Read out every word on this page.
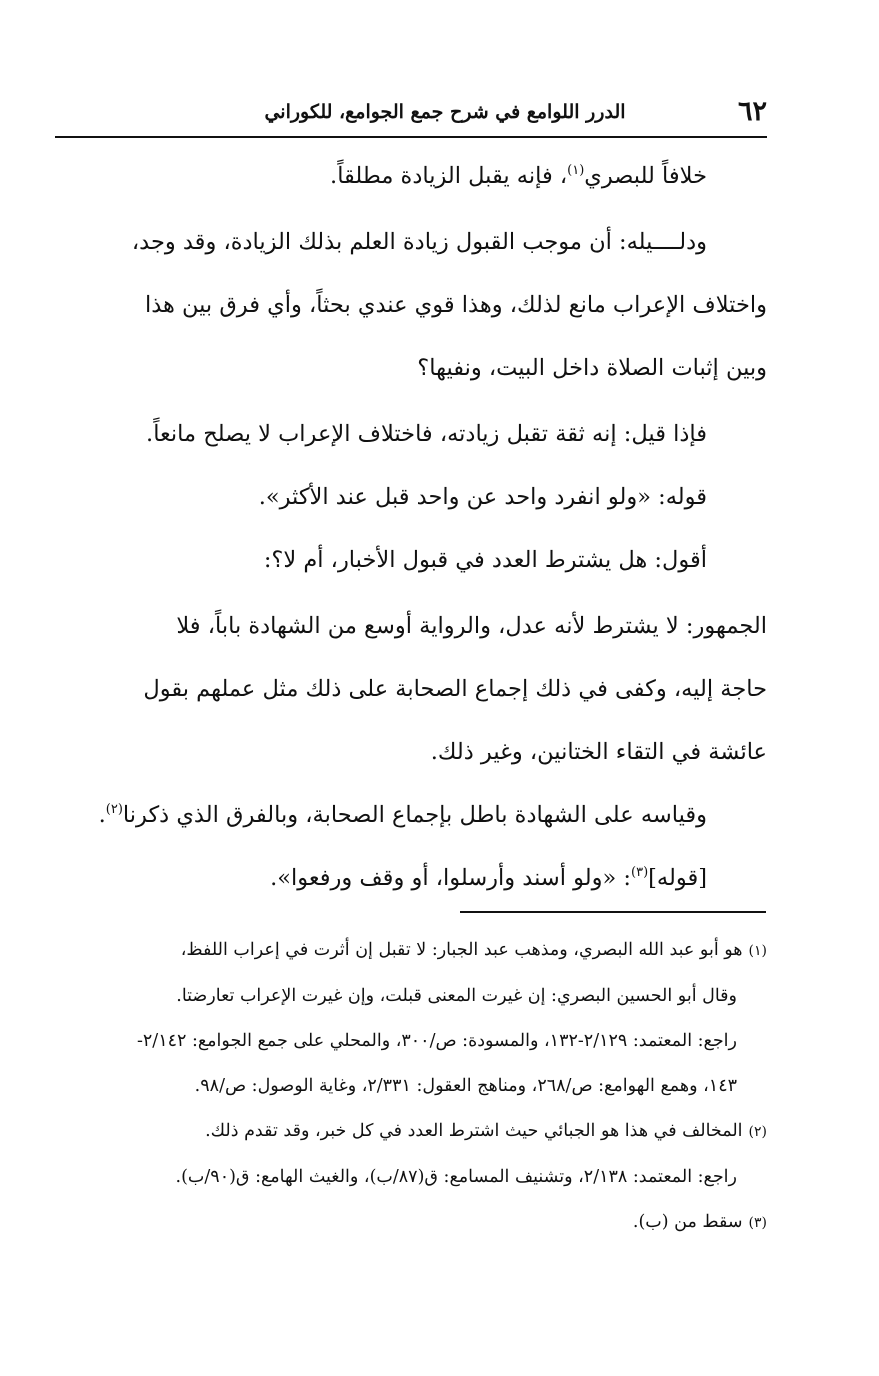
٦٢
الدرر اللوامع في شرح جمع الجوامع، للكوراني

خلافاً للبصري$^{(١)}$، فإنه يقبل الزيادة مطلقاً.

ودلــــيله: أن موجب القبول زيادة العلم بذلك الزيادة، وقد وجد،

واختلاف الإعراب مانع لذلك، وهذا قوي عندي بحثاً، وأي فرق بين هذا

وبين إثبات الصلاة داخل البيت، ونفيها؟

فإذا قيل: إنه ثقة تقبل زيادته، فاختلاف الإعراب لا يصلح مانعاً.

قوله: «ولو انفرد واحد عن واحد قبل عند الأكثر».

أقول: هل يشترط العدد في قبول الأخبار، أم لا؟:

الجمهور: لا يشترط لأنه عدل، والرواية أوسع من الشهادة باباً، فلا

حاجة إليه، وكفى في ذلك إجماع الصحابة على ذلك مثل عملهم بقول

عائشة في التقاء الختانين، وغير ذلك.

وقياسه على الشهادة باطل بإجماع الصحابة، وبالفرق الذي ذكرنا$^{(٢)}$.

[قوله]$^{(٣)}$: «ولو أسند وأرسلوا، أو وقف ورفعوا».

(١)هو أبو عبد الله البصري، ومذهب عبد الجبار: لا تقبل إن أثرت في إعراب اللفظ،

وقال أبو الحسين البصري: إن غيرت المعنى قبلت، وإن غيرت الإعراب تعارضتا.

راجع: المعتمد: ٢/١٢٩-١٣٢، والمسودة: ص/٣٠٠، والمحلي على جمع الجوامع: ٢/١٤٢-

١٤٣، وهمع الهوامع: ص/٢٦٨، ومناهج العقول: ٢/٣٣١، وغاية الوصول: ص/٩٨.

(٢)المخالف في هذا هو الجبائي حيث اشترط العدد في كل خبر، وقد تقدم ذلك.

راجع: المعتمد: ٢/١٣٨، وتشنيف المسامع: ق(٨٧/ب)، والغيث الهامع: ق(٩٠/ب).

(٣)سقط من (ب).
